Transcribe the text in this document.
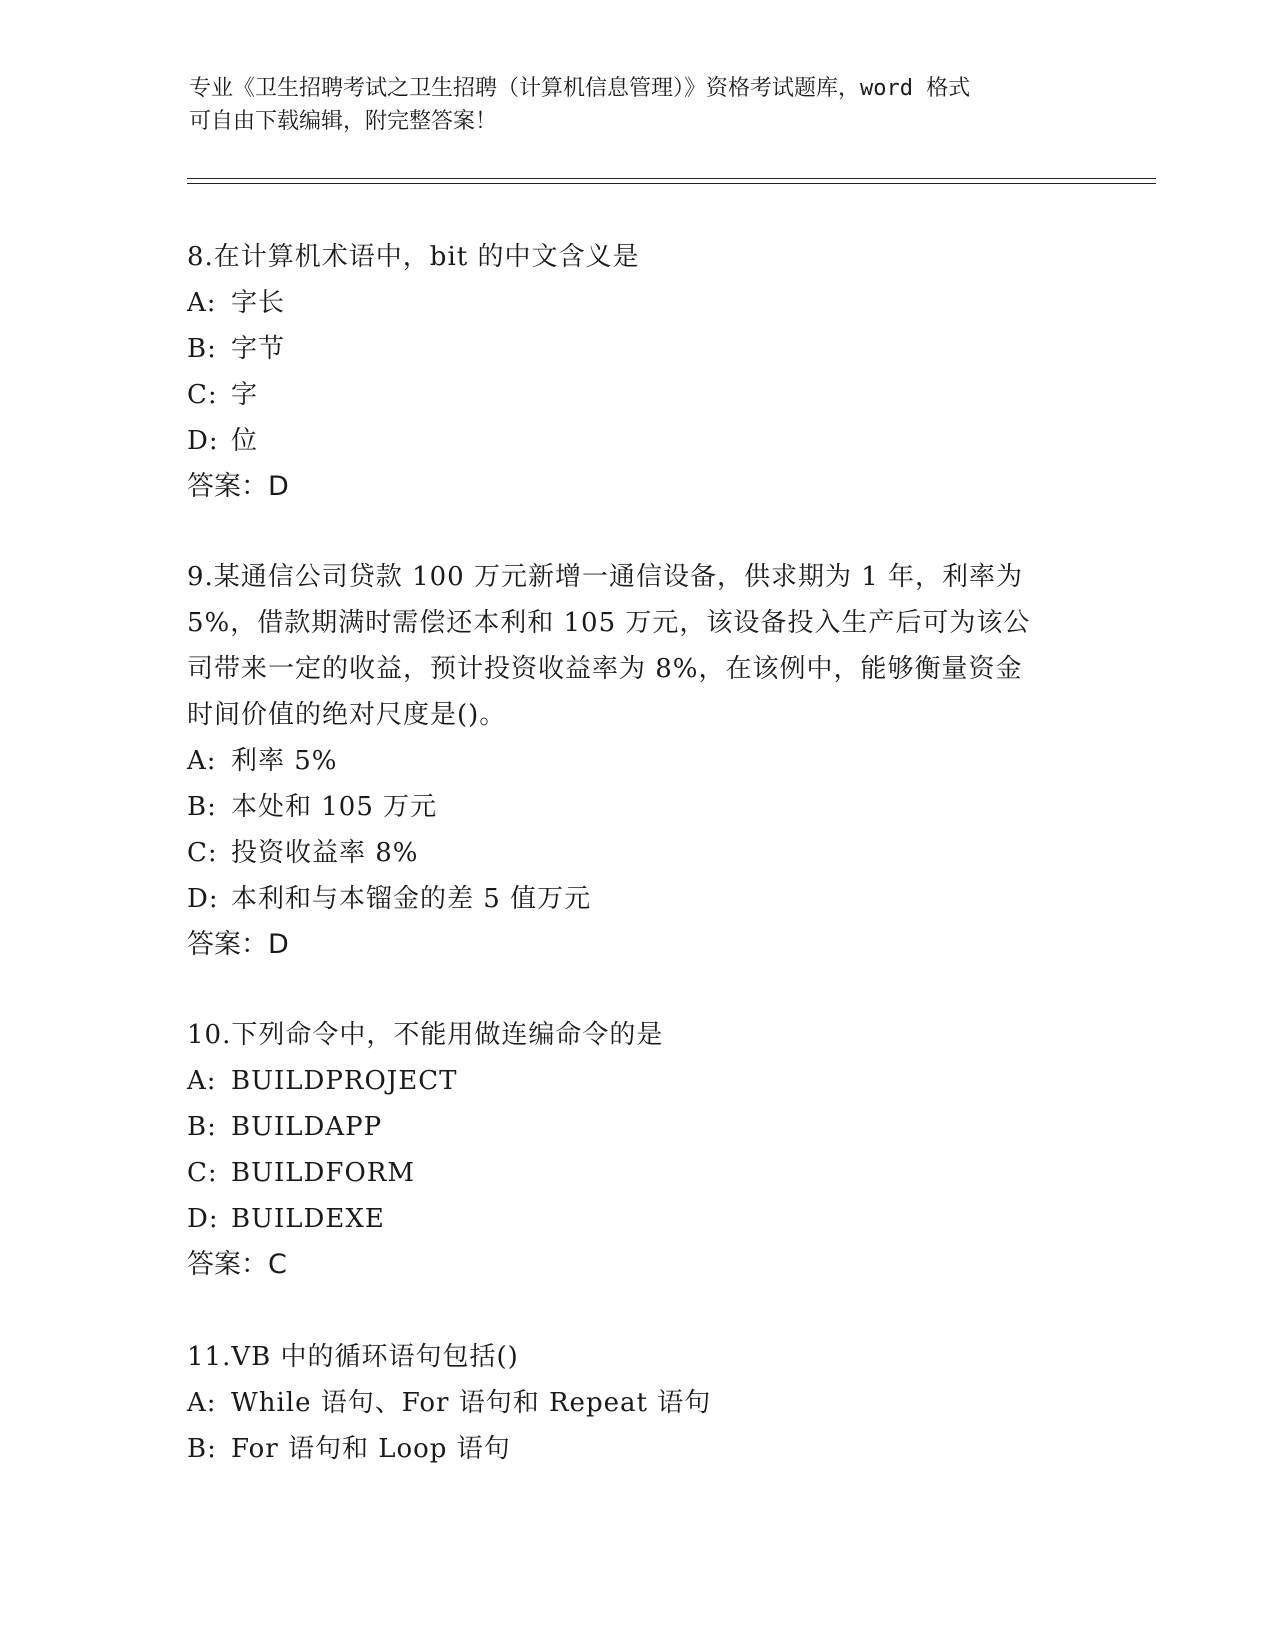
专业《卫生招聘考试之卫生招聘（计算机信息管理）》资格考试题库，word 格式
可自由下载编辑，附完整答案！
8.在计算机术语中，bit 的中文含义是
A: 字长
B: 字节
C: 字
D: 位
答案：D
9.某通信公司贷款 100 万元新增一通信设备，供求期为 1 年，利率为
5%，借款期满时需偿还本利和 105 万元，该设备投入生产后可为该公
司带来一定的收益，预计投资收益率为 8%，在该例中，能够衡量资金
时间价值的绝对尺度是()。
A: 利率 5%
B: 本处和 105 万元
C: 投资收益率 8%
D: 本利和与本镏金的差 5 值万元
答案：D
10.下列命令中，不能用做连编命令的是
A: BUILDPROJECT
B: BUILDAPP
C: BUILDFORM
D: BUILDEXE
答案：C
11.VB 中的循环语句包括()
A: While 语句、For 语句和 Repeat 语句
B: For 语句和 Loop 语句
